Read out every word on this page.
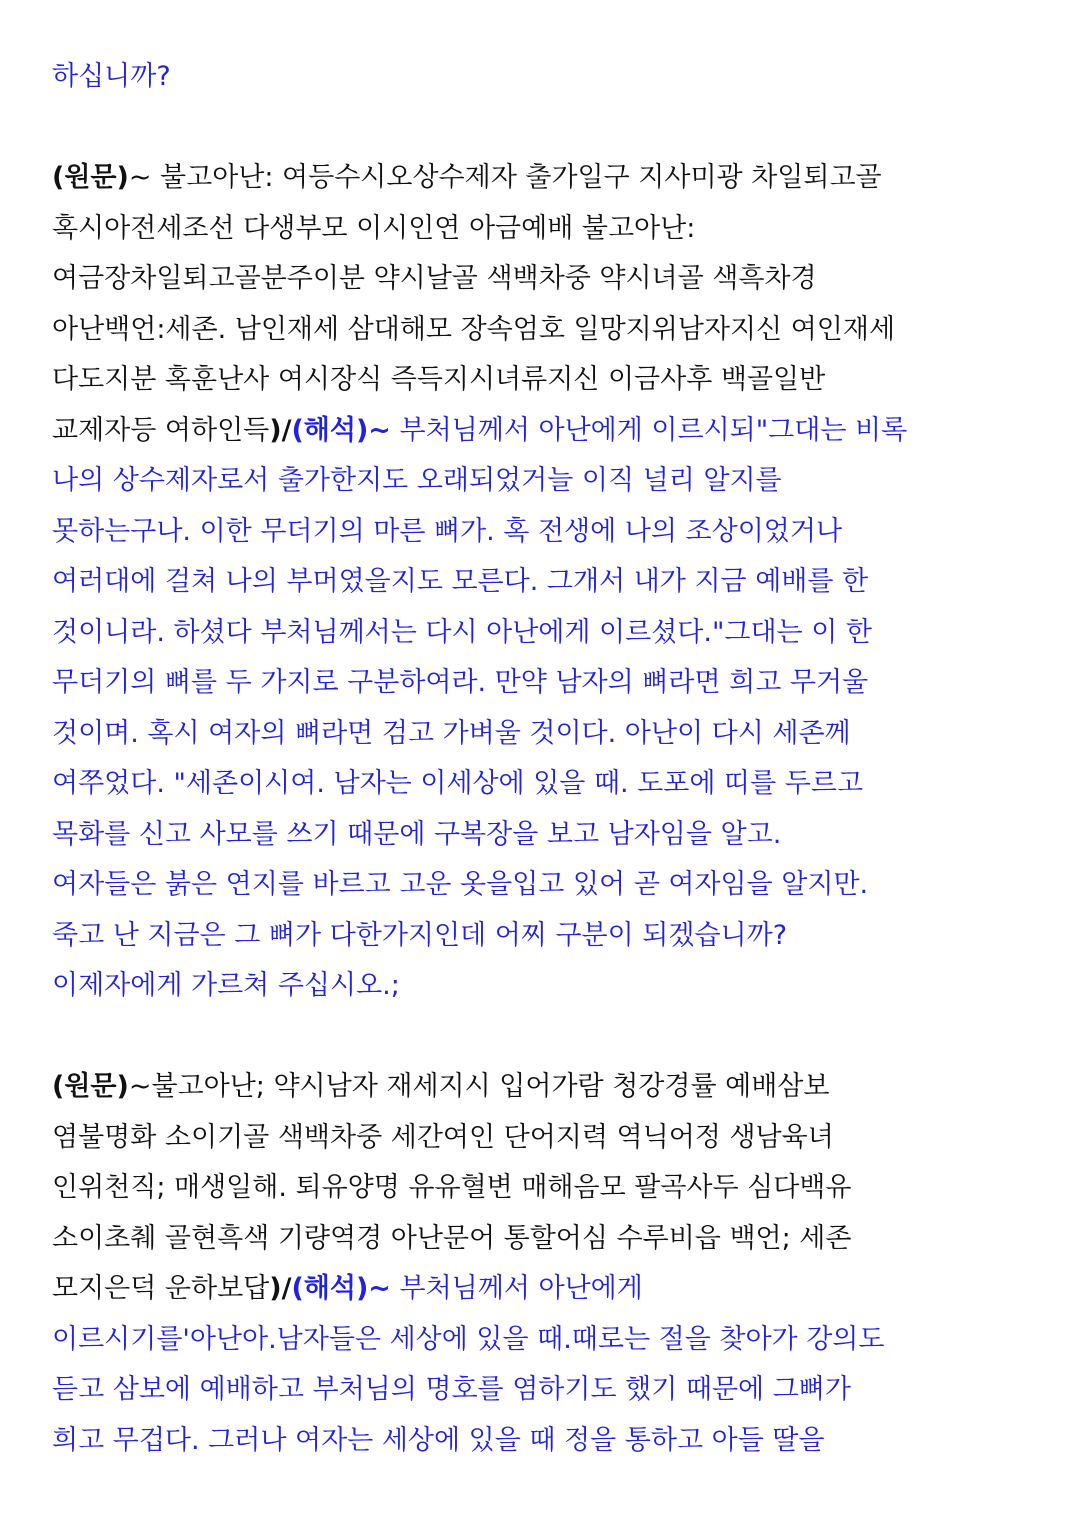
하십니까?
(원문)~ 불고아난: 여등수시오상수제자 출가일구 지사미광 차일퇴고골
혹시아전세조선 다생부모 이시인연 아금예배 불고아난:
여금장차일퇴고골분주이분 약시날골 색백차중 약시녀골 색흑차경
아난백언:세존. 남인재세 삼대해모 장속엄호 일망지위남자지신 여인재세
다도지분 혹훈난사 여시장식 즉득지시녀류지신 이금사후 백골일반
교제자등 여하인득)/(해석)~ 부처님께서 아난에게 이르시되"그대는 비록
나의 상수제자로서 출가한지도 오래되었거늘 이직 널리 알지를
못하는구나. 이한 무더기의 마른 뼈가. 혹 전생에 나의 조상이었거나
여러대에 걸쳐 나의 부머였을지도 모른다. 그개서 내가 지금 예배를 한
것이니라. 하셨다 부처님께서는 다시 아난에게 이르셨다."그대는 이 한
무더기의 뼈를 두 가지로 구분하여라. 만약 남자의 뼈라면 희고 무거울
것이며. 혹시 여자의 뼈라면 검고 가벼울 것이다. 아난이 다시 세존께
여쭈었다. "세존이시여. 남자는 이세상에 있을 때. 도포에 띠를 두르고
목화를 신고 사모를 쓰기 때문에 구복장을 보고 남자임을 알고.
여자들은 붉은 연지를 바르고 고운 옷을입고 있어 곧 여자임을 알지만.
죽고 난 지금은 그 뼈가 다한가지인데 어찌 구분이 되겠습니까?
이제자에게 가르쳐 주십시오.;
(원문)~불고아난; 약시남자 재세지시 입어가람 청강경률 예배삼보
염불명화 소이기골 색백차중 세간여인 단어지력 역닉어정 생남육녀
인위천직; 매생일해. 퇴유양명 유유혈변 매해음모 팔곡사두 심다백유
소이초췌 골현흑색 기량역경 아난문어 통할어심 수루비읍 백언; 세존
모지은덕 운하보답)/(해석)~ 부처님께서 아난에게
이르시기를'아난아.남자들은 세상에 있을 때.때로는 절을 찾아가 강의도
듣고 삼보에 예배하고 부처님의 명호를 염하기도 했기 때문에 그뼈가
희고 무겁다. 그러나 여자는 세상에 있을 때 정을 통하고 아들 딸을
